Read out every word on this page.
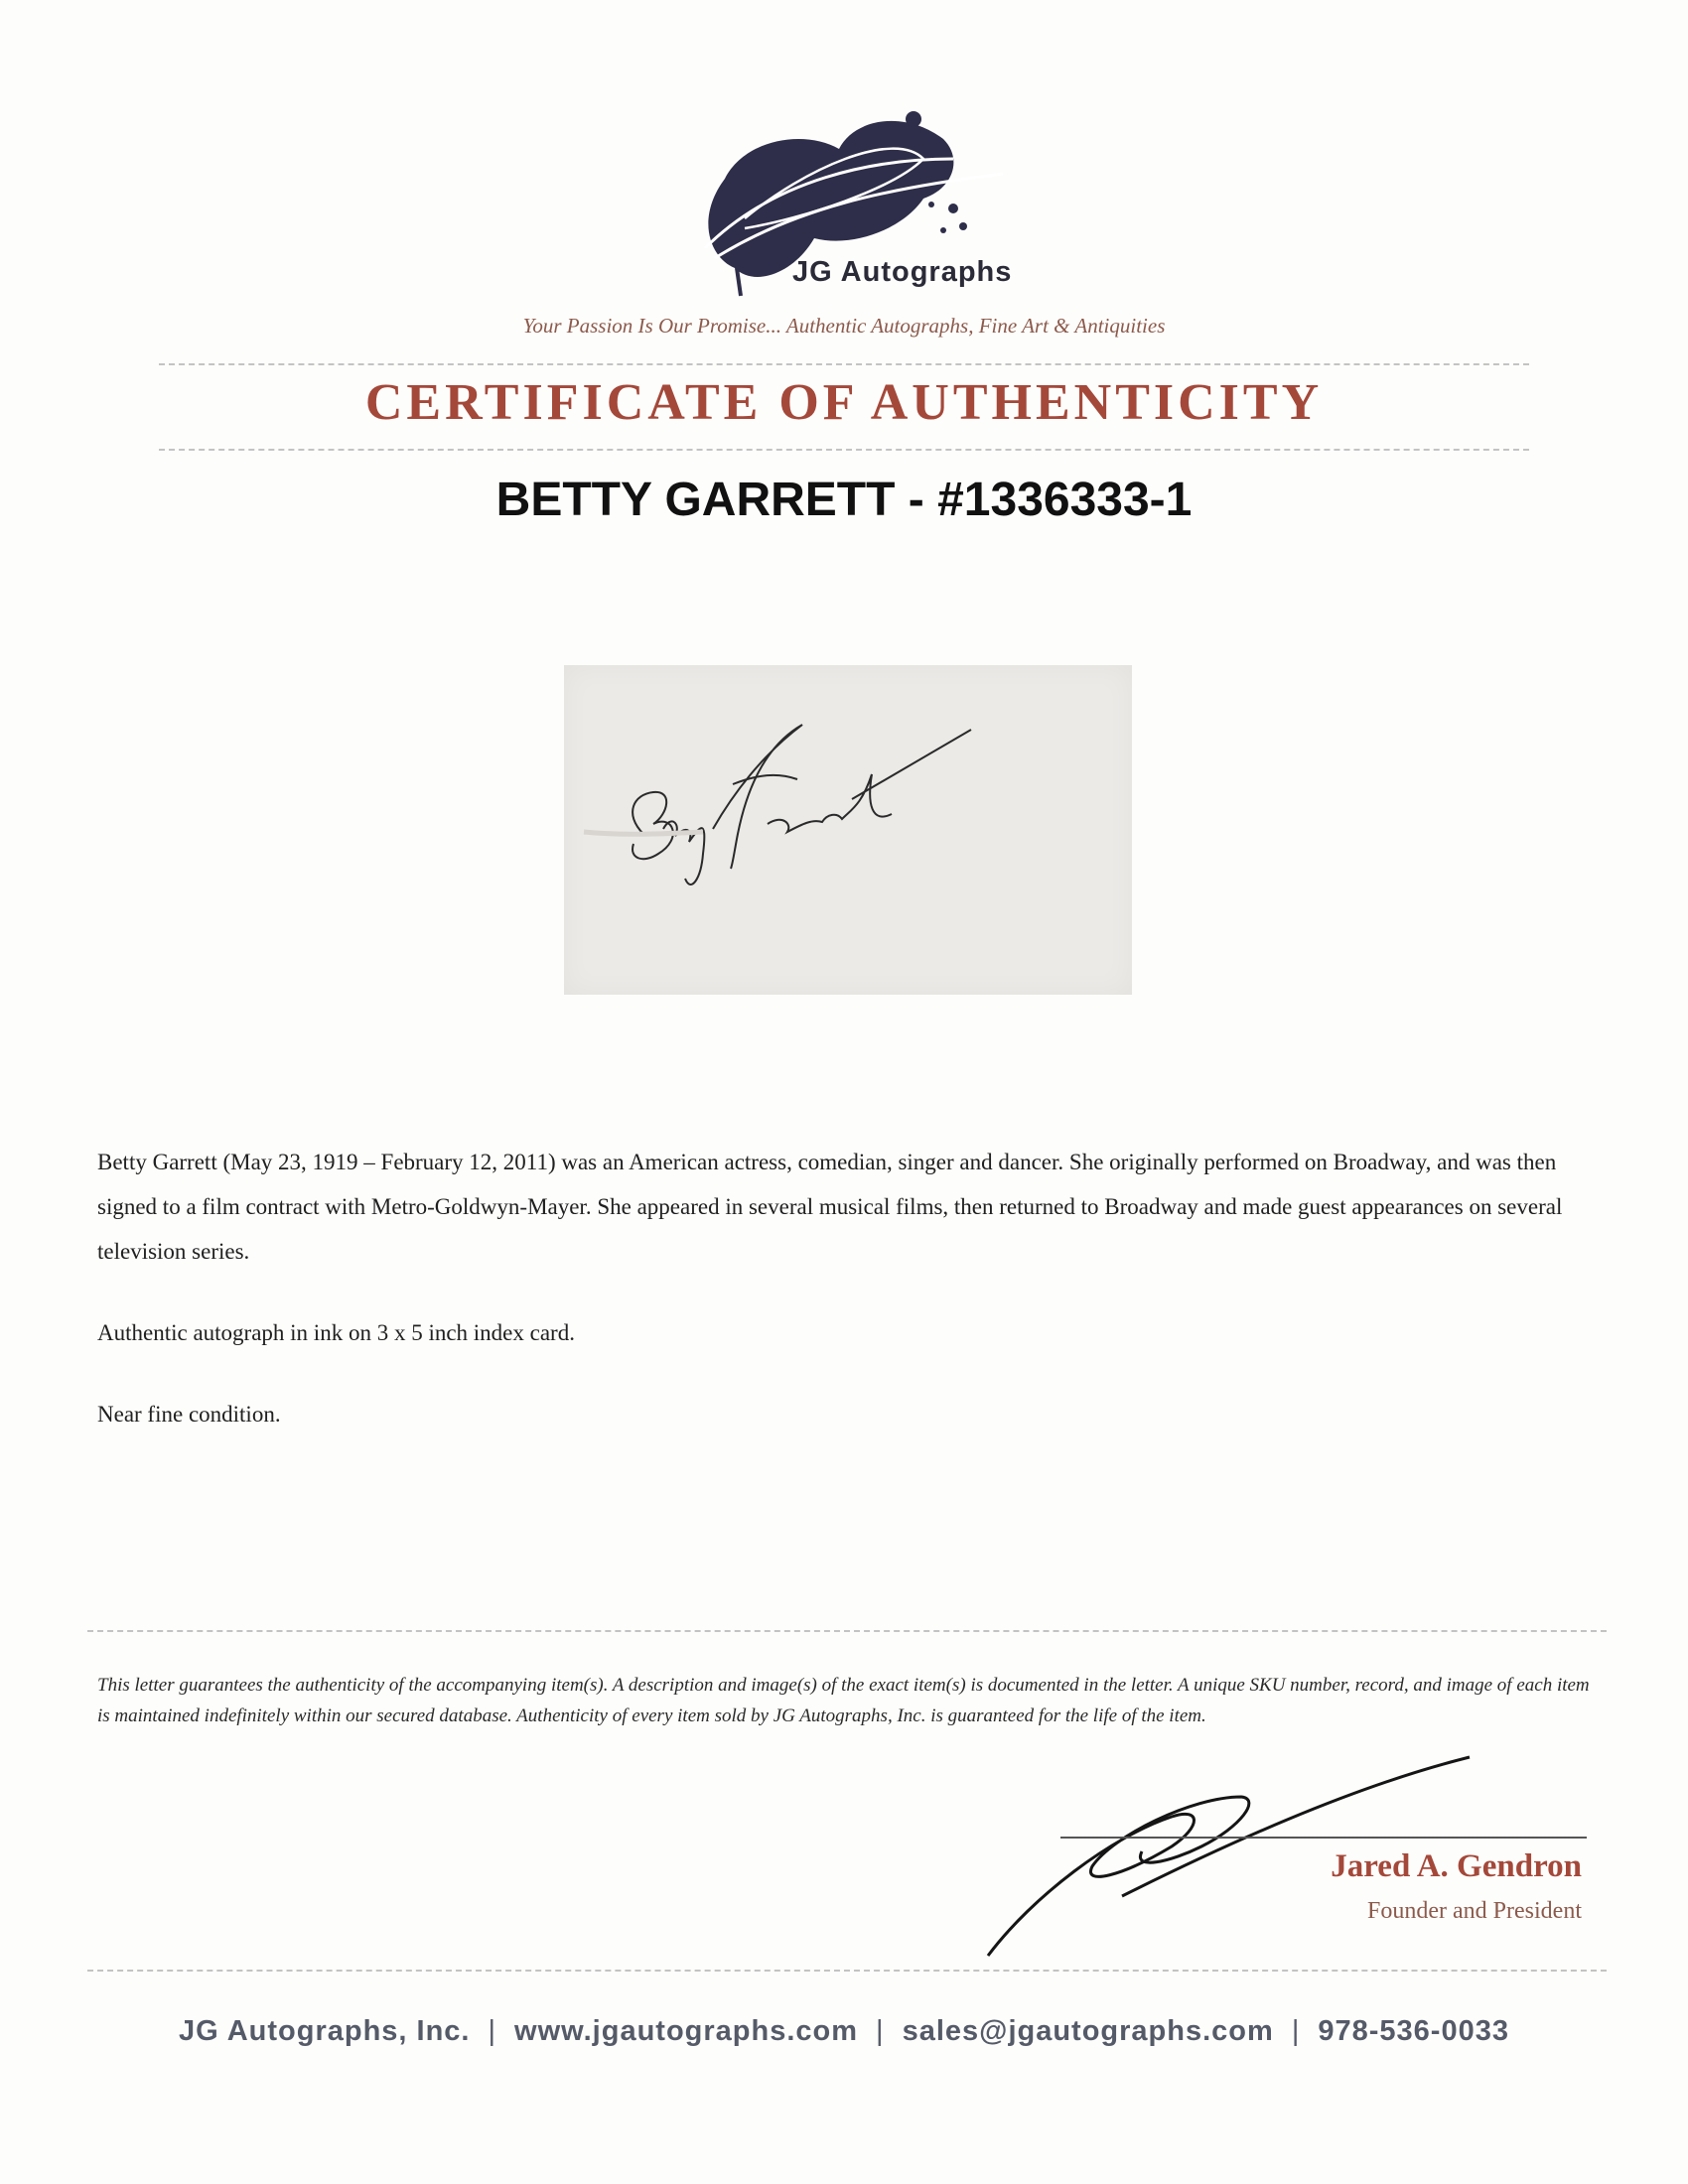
JG Autographs
Your Passion Is Our Promise... Authentic Autographs, Fine Art & Antiquities
CERTIFICATE OF AUTHENTICITY
BETTY GARRETT - #1336333-1

Betty Garrett (May 23, 1919 – February 12, 2011) was an American actress, comedian, singer and dancer. She originally performed on Broadway, and was then signed to a film contract with Metro-Goldwyn-Mayer. She appeared in several musical films, then returned to Broadway and made guest appearances on several television series.

Authentic autograph in ink on 3 x 5 inch index card.

Near fine condition.

This letter guarantees the authenticity of the accompanying item(s). A description and image(s) of the exact item(s) is documented in the letter. A unique SKU number, record, and image of each item is maintained indefinitely within our secured database. Authenticity of every item sold by JG Autographs, Inc. is guaranteed for the life of the item.
Jared A. Gendron
Founder and President
JG Autographs, Inc. | www.jgautographs.com | sales@jgautographs.com | 978-536-0033
